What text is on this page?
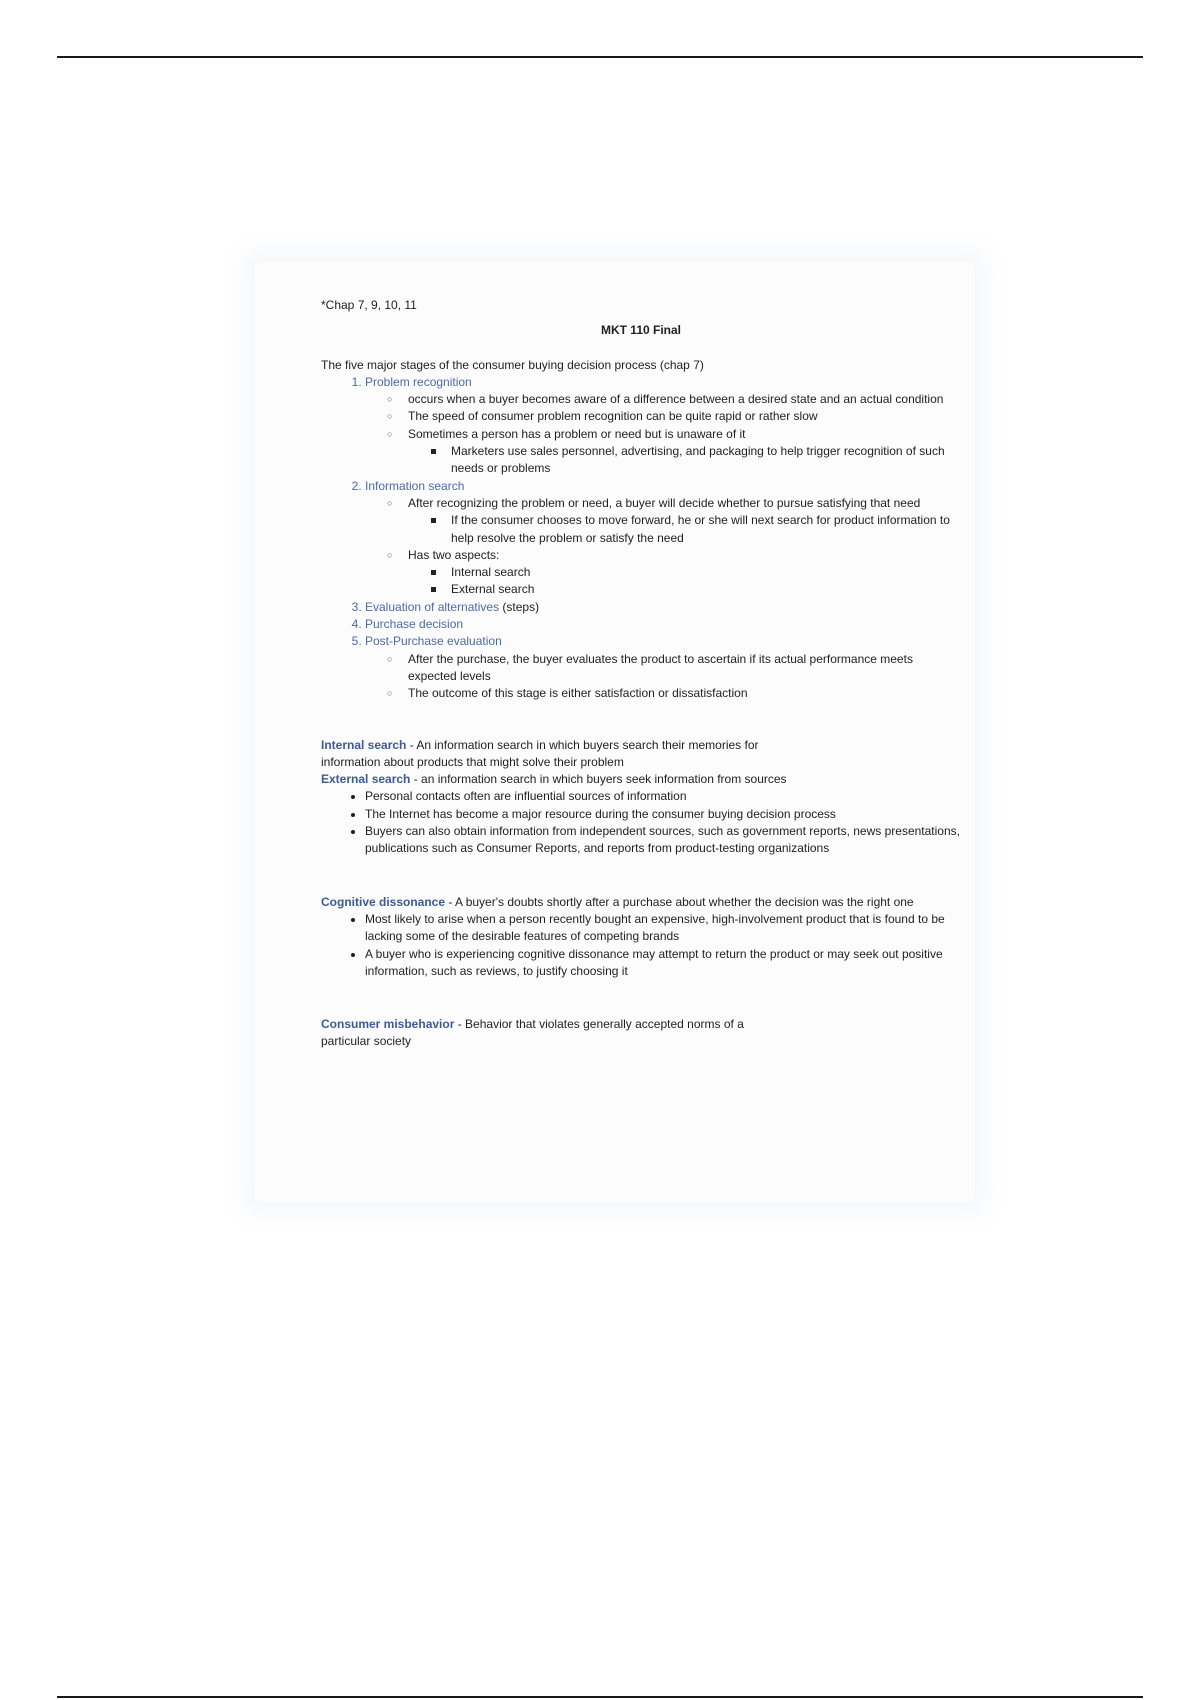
*Chap 7, 9, 10, 11

MKT 110 Final

The five major stages of the consumer buying decision process (chap 7)

1. Problem recognition
○ occurs when a buyer becomes aware of a difference between a desired state and an actual condition
○ The speed of consumer problem recognition can be quite rapid or rather slow
○ Sometimes a person has a problem or need but is unaware of it
Marketers use sales personnel, advertising, and packaging to help trigger recognition of such needs or problems
2. Information search
○ After recognizing the problem or need, a buyer will decide whether to pursue satisfying that need
If the consumer chooses to move forward, he or she will next search for product information to help resolve the problem or satisfy the need
○ Has two aspects:
Internal search
External search
3. Evaluation of alternatives (steps)
4. Purchase decision
5. Post-Purchase evaluation
○ After the purchase, the buyer evaluates the product to ascertain if its actual performance meets expected levels
○ The outcome of this stage is either satisfaction or dissatisfaction

Internal search - An information search in which buyers search their memories for information about products that might solve their problem

External search - an information search in which buyers seek information from sources

• Personal contacts often are influential sources of information
• The Internet has become a major resource during the consumer buying decision process
• Buyers can also obtain information from independent sources, such as government reports, news presentations, publications such as Consumer Reports, and reports from product-testing organizations

Cognitive dissonance - A buyer's doubts shortly after a purchase about whether the decision was the right one

• Most likely to arise when a person recently bought an expensive, high-involvement product that is found to be lacking some of the desirable features of competing brands
• A buyer who is experiencing cognitive dissonance may attempt to return the product or may seek out positive information, such as reviews, to justify choosing it

Consumer misbehavior - Behavior that violates generally accepted norms of a particular society
